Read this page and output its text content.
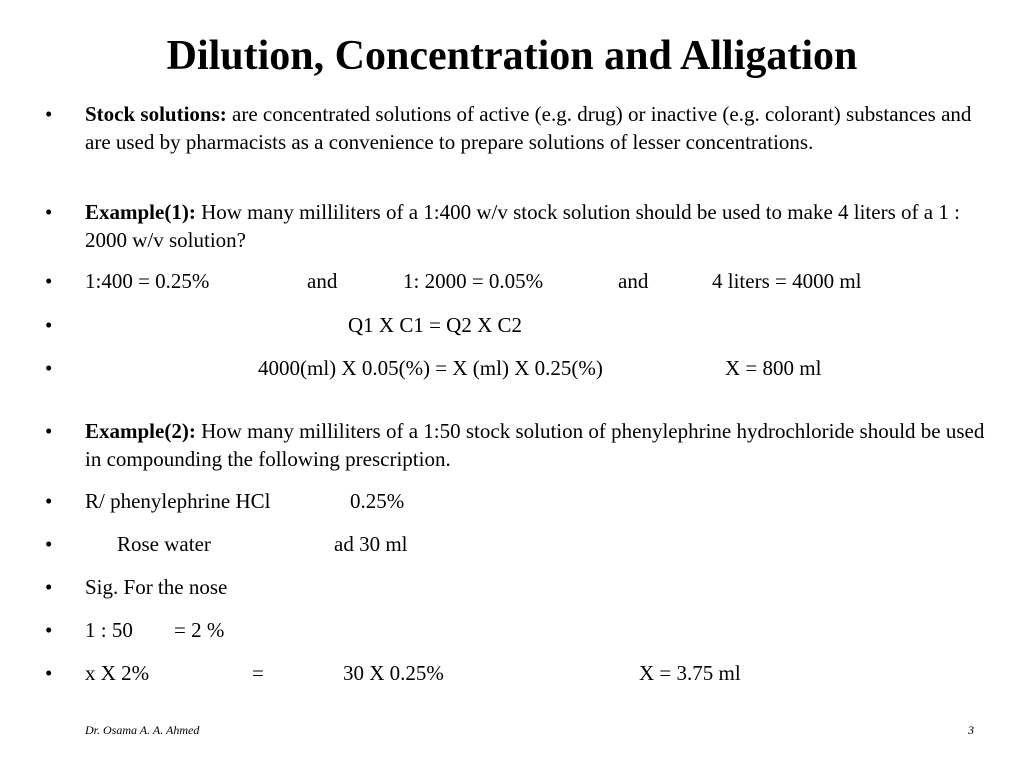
Dilution, Concentration and Alligation
• Stock solutions: are concentrated solutions of active (e.g. drug) or inactive (e.g. colorant) substances and are used by pharmacists as a convenience to prepare solutions of lesser concentrations.
• Example(1): How many milliliters of a 1:400 w/v stock solution should be used to make 4 liters of a 1 : 2000 w/v solution?
• 1:400 = 0.25%	and	1: 2000 = 0.05%	and	4 liters = 4000 ml
• Q1 X C1 = Q2 X C2
• 4000(ml) X 0.05(%) = X (ml) X 0.25(%)	X = 800 ml
• Example(2): How many milliliters of a 1:50 stock solution of phenylephrine hydrochloride should be used in compounding the following prescription.
• R/ phenylephrine HCl	0.25%
• Rose water	ad 30 ml
• Sig. For the nose
• 1 : 50 = 2 %
• x X 2%	=	30 X 0.25%	X = 3.75 ml
Dr. Osama A. A. Ahmed	3
